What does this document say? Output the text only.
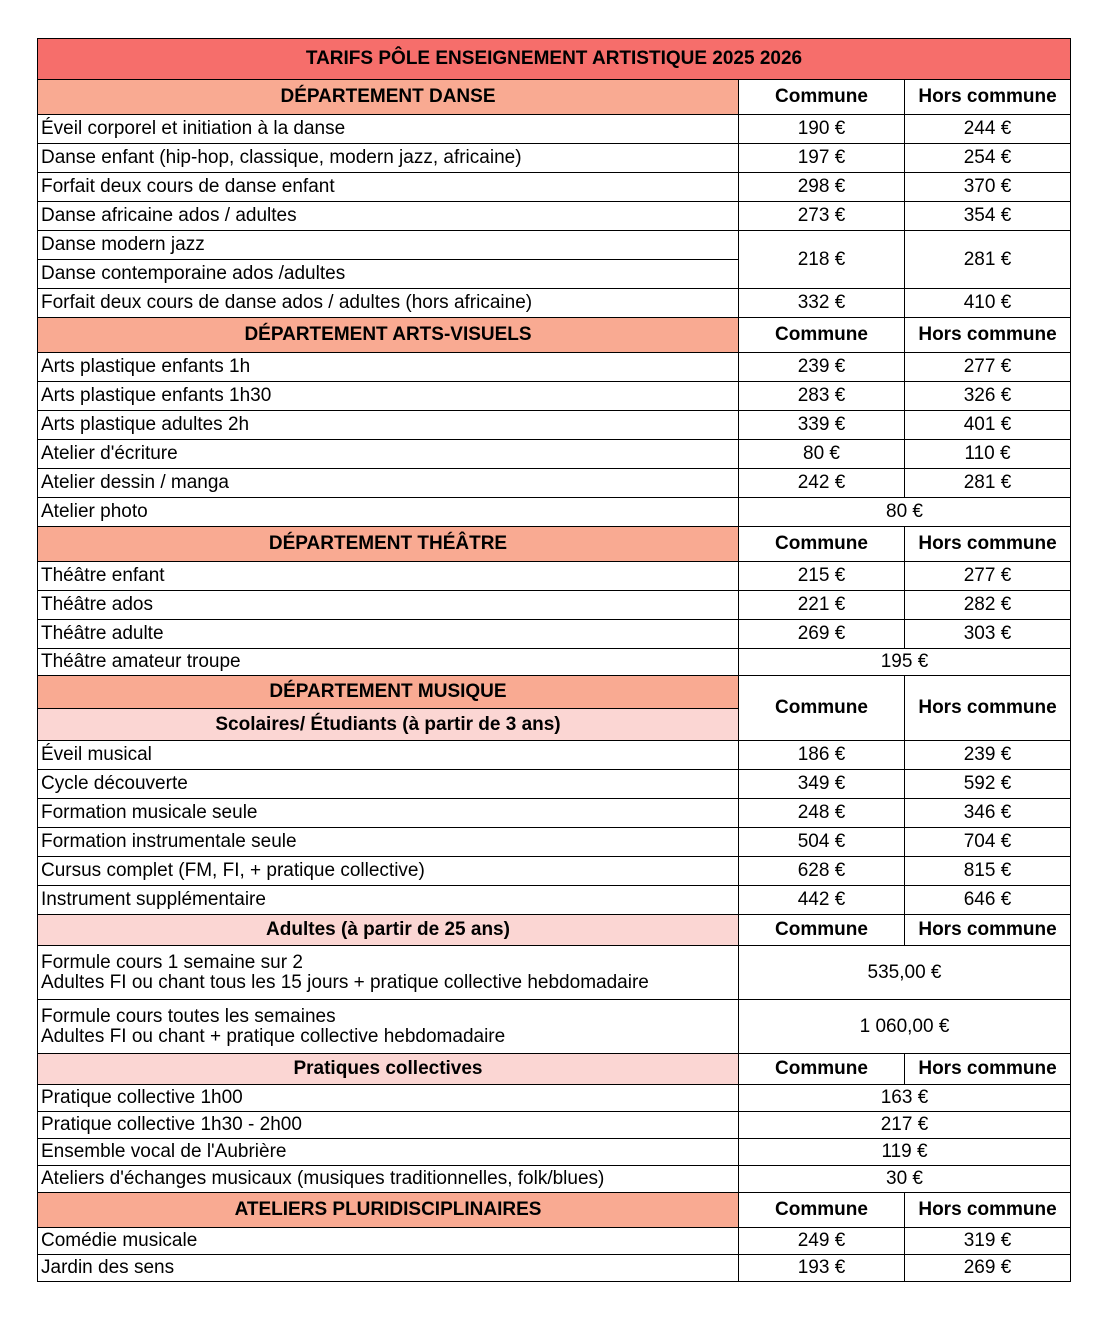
TARIFS PÔLE ENSEIGNEMENT ARTISTIQUE 2025 2026		
DÉPARTEMENT DANSE	Commune	Hors commune
Éveil corporel et initiation à la danse	190 €	244 €
Danse enfant (hip-hop, classique, modern jazz, africaine)	197 €	254 €
Forfait deux cours de danse enfant	298 €	370 €
Danse africaine ados / adultes	273 €	354 €
Danse modern jazz	218 €	281 €
Danse contemporaine ados /adultes		
Forfait deux cours de danse ados / adultes (hors africaine)	332 €	410 €
DÉPARTEMENT ARTS-VISUELS	Commune	Hors commune
Arts plastique enfants 1h	239 €	277 €
Arts plastique enfants 1h30	283 €	326 €
Arts plastique adultes 2h	339 €	401 €
Atelier d'écriture	80 €	110 €
Atelier dessin / manga	242 €	281 €
Atelier photo	80 €	
DÉPARTEMENT THÉÂTRE	Commune	Hors commune
Théâtre enfant	215 €	277 €
Théâtre ados	221 €	282 €
Théâtre adulte	269 €	303 €
Théâtre amateur troupe	195 €	
DÉPARTEMENT MUSIQUE	Commune	Hors commune
Scolaires/ Étudiants (à partir de 3 ans)		
Éveil musical	186 €	239 €
Cycle découverte	349 €	592 €
Formation musicale seule	248 €	346 €
Formation instrumentale seule	504 €	704 €
Cursus complet (FM, FI, + pratique collective)	628 €	815 €
Instrument supplémentaire	442 €	646 €
Adultes (à partir de 25 ans)	Commune	Hors commune

Formule cours 1 semaine sur 2
Adultes FI ou chant tous les 15 jours + pratique collective hebdomadaire	535,00 €	

Formule cours toutes les semaines
Adultes FI ou chant + pratique collective hebdomadaire	1 060,00 €	
Pratiques collectives	Commune	Hors commune
Pratique collective 1h00	163 €	
Pratique collective 1h30 - 2h00	217 €	
Ensemble vocal de l'Aubrière	119 €	
Ateliers d'échanges musicaux (musiques traditionnelles, folk/blues)	30 €	
ATELIERS PLURIDISCIPLINAIRES	Commune	Hors commune
Comédie musicale	249 €	319 €
Jardin des sens	193 €	269 €
